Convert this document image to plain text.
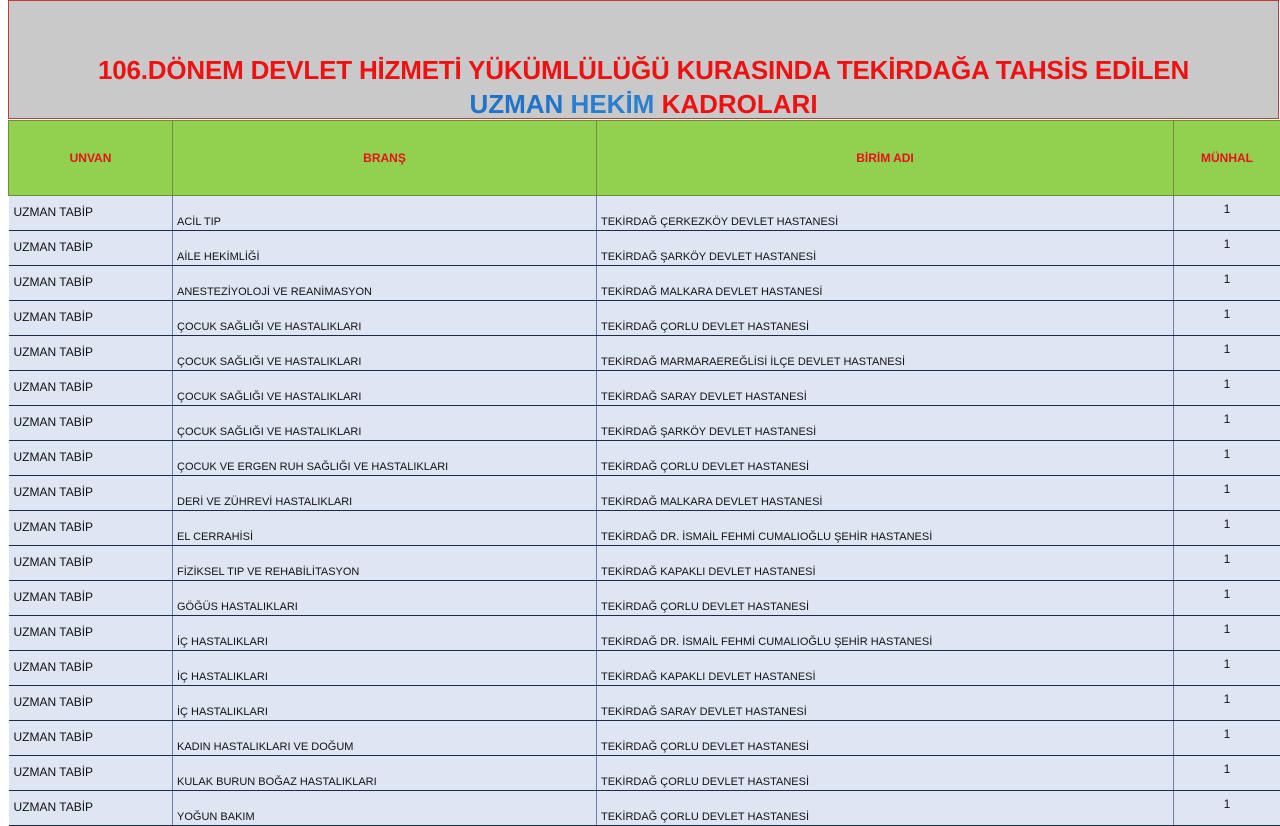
106.DÖNEM DEVLET HİZMETİ YÜKÜMLÜLÜĞÜ KURASINDA TEKİRDAĞA TAHSİS EDİLEN
UZMAN HEKİM KADROLARI
UNVAN	BRANŞ	BİRİM ADI	MÜNHAL
UZMAN TABİP	ACİL TIP	TEKİRDAĞ ÇERKEZKÖY DEVLET HASTANESİ	1
UZMAN TABİP	AİLE HEKİMLİĞİ	TEKİRDAĞ ŞARKÖY DEVLET HASTANESİ	1
UZMAN TABİP	ANESTEZİYOLOJİ VE REANİMASYON	TEKİRDAĞ MALKARA DEVLET HASTANESİ	1
UZMAN TABİP	ÇOCUK SAĞLIĞI VE HASTALIKLARI	TEKİRDAĞ ÇORLU DEVLET HASTANESİ	1
UZMAN TABİP	ÇOCUK SAĞLIĞI VE HASTALIKLARI	TEKİRDAĞ MARMARAEREĞLİSİ İLÇE DEVLET HASTANESİ	1
UZMAN TABİP	ÇOCUK SAĞLIĞI VE HASTALIKLARI	TEKİRDAĞ SARAY DEVLET HASTANESİ	1
UZMAN TABİP	ÇOCUK SAĞLIĞI VE HASTALIKLARI	TEKİRDAĞ ŞARKÖY DEVLET HASTANESİ	1
UZMAN TABİP	ÇOCUK VE ERGEN RUH SAĞLIĞI VE HASTALIKLARI	TEKİRDAĞ ÇORLU DEVLET HASTANESİ	1
UZMAN TABİP	DERİ VE ZÜHREVİ HASTALIKLARI	TEKİRDAĞ MALKARA DEVLET HASTANESİ	1
UZMAN TABİP	EL CERRAHİSİ	TEKİRDAĞ DR. İSMAİL FEHMİ CUMALIOĞLU ŞEHİR HASTANESİ	1
UZMAN TABİP	FİZİKSEL TIP VE REHABİLİTASYON	TEKİRDAĞ KAPAKLI DEVLET HASTANESİ	1
UZMAN TABİP	GÖĞÜS HASTALIKLARI	TEKİRDAĞ ÇORLU DEVLET HASTANESİ	1
UZMAN TABİP	İÇ HASTALIKLARI	TEKİRDAĞ DR. İSMAİL FEHMİ CUMALIOĞLU ŞEHİR HASTANESİ	1
UZMAN TABİP	İÇ HASTALIKLARI	TEKİRDAĞ KAPAKLI DEVLET HASTANESİ	1
UZMAN TABİP	İÇ HASTALIKLARI	TEKİRDAĞ SARAY DEVLET HASTANESİ	1
UZMAN TABİP	KADIN HASTALIKLARI VE DOĞUM	TEKİRDAĞ ÇORLU DEVLET HASTANESİ	1
UZMAN TABİP	KULAK BURUN BOĞAZ HASTALIKLARI	TEKİRDAĞ ÇORLU DEVLET HASTANESİ	1
UZMAN TABİP	YOĞUN BAKIM	TEKİRDAĞ ÇORLU DEVLET HASTANESİ	1
